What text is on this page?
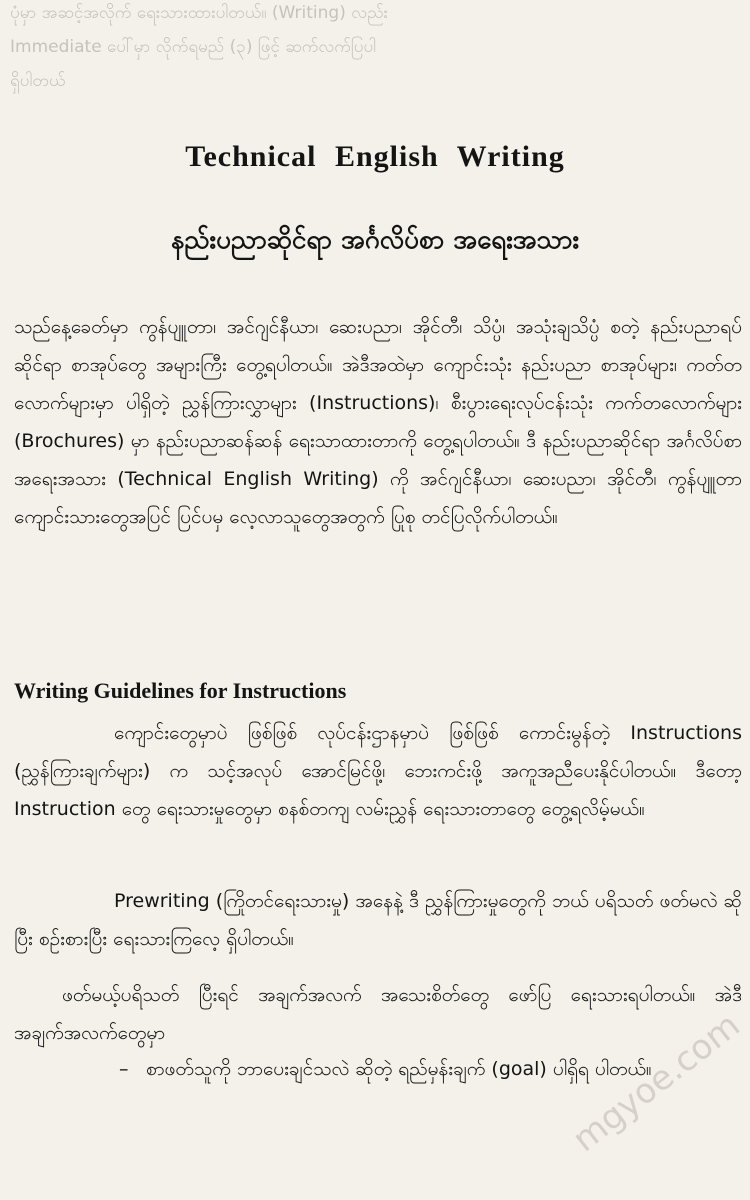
ပုံမှာ အဆင့်အလိုက် ရေးသားထားပါတယ်။ (Writing) လည်း
Immediate ပေါ်မှာ လိုက်ရမည် (၃) ဖြင့် ဆက်လက်ပြပါ
ရှိပါတယ်
Technical English Writing
နည်းပညာဆိုင်ရာ အင်္ဂလိပ်စာ အရေးအသား
သည်နေ့ခေတ်မှာ ကွန်ပျူတာ၊ အင်ဂျင်နီယာ၊ ဆေးပညာ၊ အိုင်တီ၊ သိပ္ပံ၊ အသုံးချသိပ္ပံ စတဲ့ နည်းပညာရပ်ဆိုင်ရာ စာအုပ်တွေ အများကြီး တွေ့ရပါတယ်။ အဲဒီအထဲမှာ ကျောင်းသုံး နည်းပညာ စာအုပ်များ၊ ကတ်တလောက်များမှာ ပါရှိတဲ့ ညွှန်ကြားလွှာများ (Instructions)၊ စီးပွားရေးလုပ်ငန်းသုံး ကက်တလောက်များ (Brochures) မှာ နည်းပညာဆန်ဆန် ရေးသာထားတာကို တွေ့ရပါတယ်။ ဒီ နည်းပညာဆိုင်ရာ အင်္ဂလိပ်စာ အရေးအသား (Technical English Writing) ကို အင်ဂျင်နီယာ၊ ဆေးပညာ၊ အိုင်တီ၊ ကွန်ပျူတာ ကျောင်းသားတွေအပြင် ပြင်ပမှ လေ့လာသူတွေအတွက် ပြုစု တင်ပြလိုက်ပါတယ်။
Writing Guidelines for Instructions
ကျောင်းတွေမှာပဲ ဖြစ်ဖြစ် လုပ်ငန်းဌာနမှာပဲ ဖြစ်ဖြစ် ကောင်းမွန်တဲ့ Instructions (ညွှန်ကြားချက်များ) က သင့်အလုပ် အောင်မြင်ဖို့၊ ဘေးကင်းဖို့ အကူအညီပေးနိုင်ပါတယ်။ ဒီတော့ Instruction တွေ ရေးသားမှုတွေမှာ စနစ်တကျ လမ်းညွှန် ရေးသားတာတွေ တွေ့ရလိမ့်မယ်။
Prewriting (ကြိုတင်ရေးသားမှု) အနေနဲ့ ဒီ ညွှန်ကြားမှုတွေကို ဘယ် ပရိသတ် ဖတ်မလဲ ဆိုပြီး စဉ်းစားပြီး ရေးသားကြလေ့ ရှိပါတယ်။
ဖတ်မယ့်ပရိသတ် ပြီးရင် အချက်အလက် အသေးစိတ်တွေ ဖော်ပြ ရေးသားရပါတယ်။ အဲဒီ အချက်အလက်တွေမှာ
– စာဖတ်သူကို ဘာပေးချင်သလဲ ဆိုတဲ့ ရည်မှန်းချက် (goal) ပါရှိရ ပါတယ်။
mgyoe.com
